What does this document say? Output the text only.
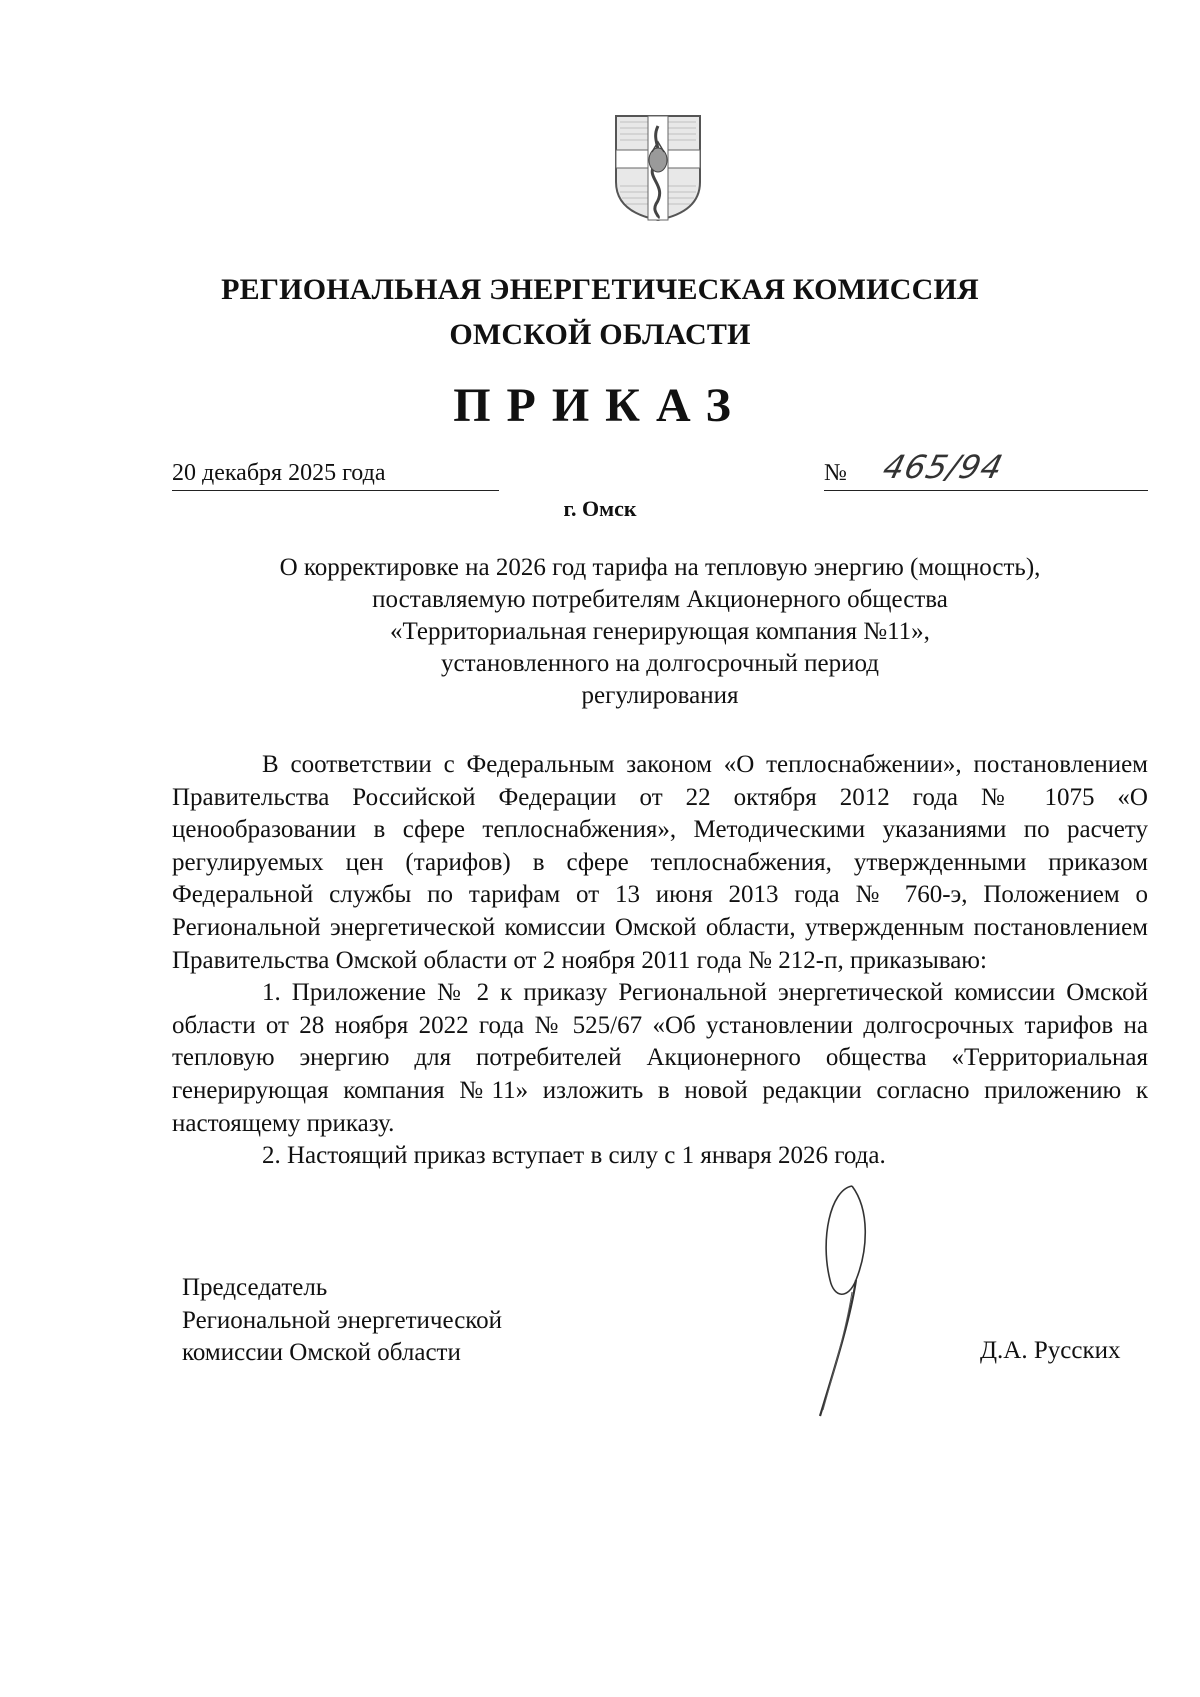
РЕГИОНАЛЬНАЯ ЭНЕРГЕТИЧЕСКАЯ КОМИССИЯ
ОМСКОЙ ОБЛАСТИ
ПРИКАЗ
20 декабря 2025 года	№ 465/94
г. Омск
О корректировке на 2026 год тарифа на тепловую энергию (мощность),
поставляемую потребителям Акционерного общества
«Территориальная генерирующая компания №11»,
установленного на долгосрочный период
регулирования

В соответствии с Федеральным законом «О теплоснабжении», постановлением Правительства Российской Федерации от 22 октября 2012 года № 1075 «О ценообразовании в сфере теплоснабжения», Методическими указаниями по расчету регулируемых цен (тарифов) в сфере теплоснабжения, утвержденными приказом Федеральной службы по тарифам от 13 июня 2013 года № 760-э, Положением о Региональной энергетической комиссии Омской области, утвержденным постановлением Правительства Омской области от 2 ноября 2011 года № 212-п, приказываю:

1. Приложение № 2 к приказу Региональной энергетической комиссии Омской области от 28 ноября 2022 года № 525/67 «Об установлении долгосрочных тарифов на тепловую энергию для потребителей Акционерного общества «Территориальная генерирующая компания №11» изложить в новой редакции согласно приложению к настоящему приказу.

2. Настоящий приказ вступает в силу с 1 января 2026 года.

Председатель
Региональной энергетической
комиссии Омской области	Д.А. Русских
